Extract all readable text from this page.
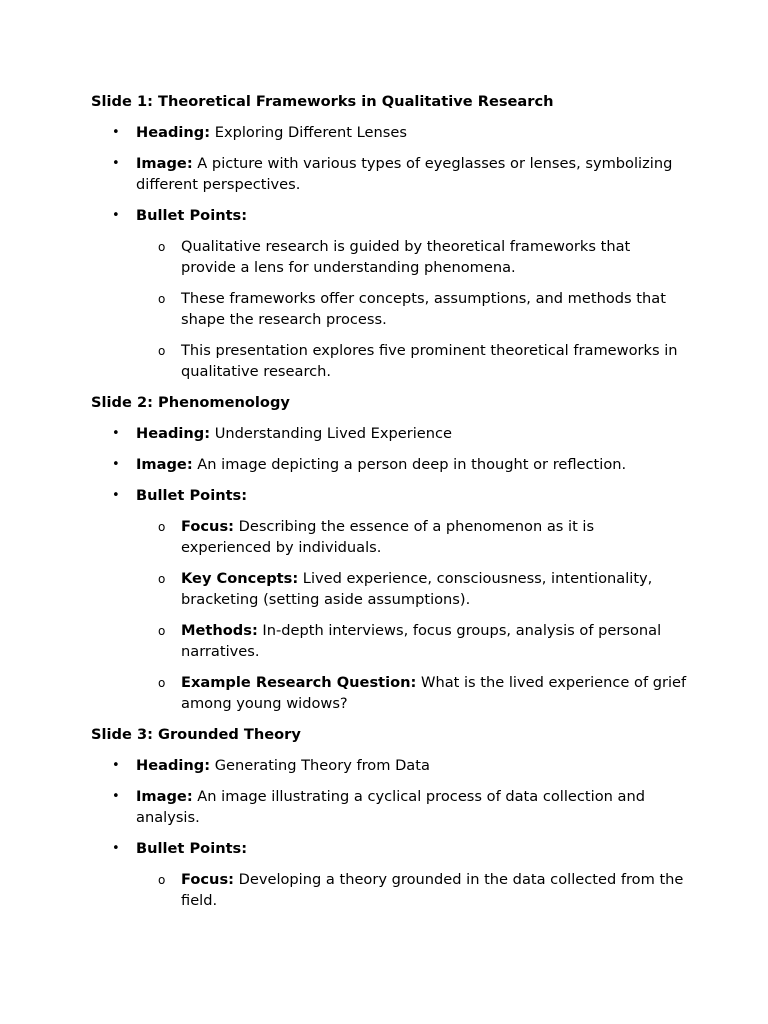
Slide 1: Theoretical Frameworks in Qualitative Research
• Heading: Exploring Different Lenses
• Image: A picture with various types of eyeglasses or lenses, symbolizing different perspectives.
• Bullet Points:
o Qualitative research is guided by theoretical frameworks that provide a lens for understanding phenomena.
o These frameworks offer concepts, assumptions, and methods that shape the research process.
o This presentation explores five prominent theoretical frameworks in qualitative research.
Slide 2: Phenomenology
• Heading: Understanding Lived Experience
• Image: An image depicting a person deep in thought or reflection.
• Bullet Points:
o Focus: Describing the essence of a phenomenon as it is experienced by individuals.
o Key Concepts: Lived experience, consciousness, intentionality, bracketing (setting aside assumptions).
o Methods: In-depth interviews, focus groups, analysis of personal narratives.
o Example Research Question: What is the lived experience of grief among young widows?
Slide 3: Grounded Theory
• Heading: Generating Theory from Data
• Image: An image illustrating a cyclical process of data collection and analysis.
• Bullet Points:
o Focus: Developing a theory grounded in the data collected from the field.
